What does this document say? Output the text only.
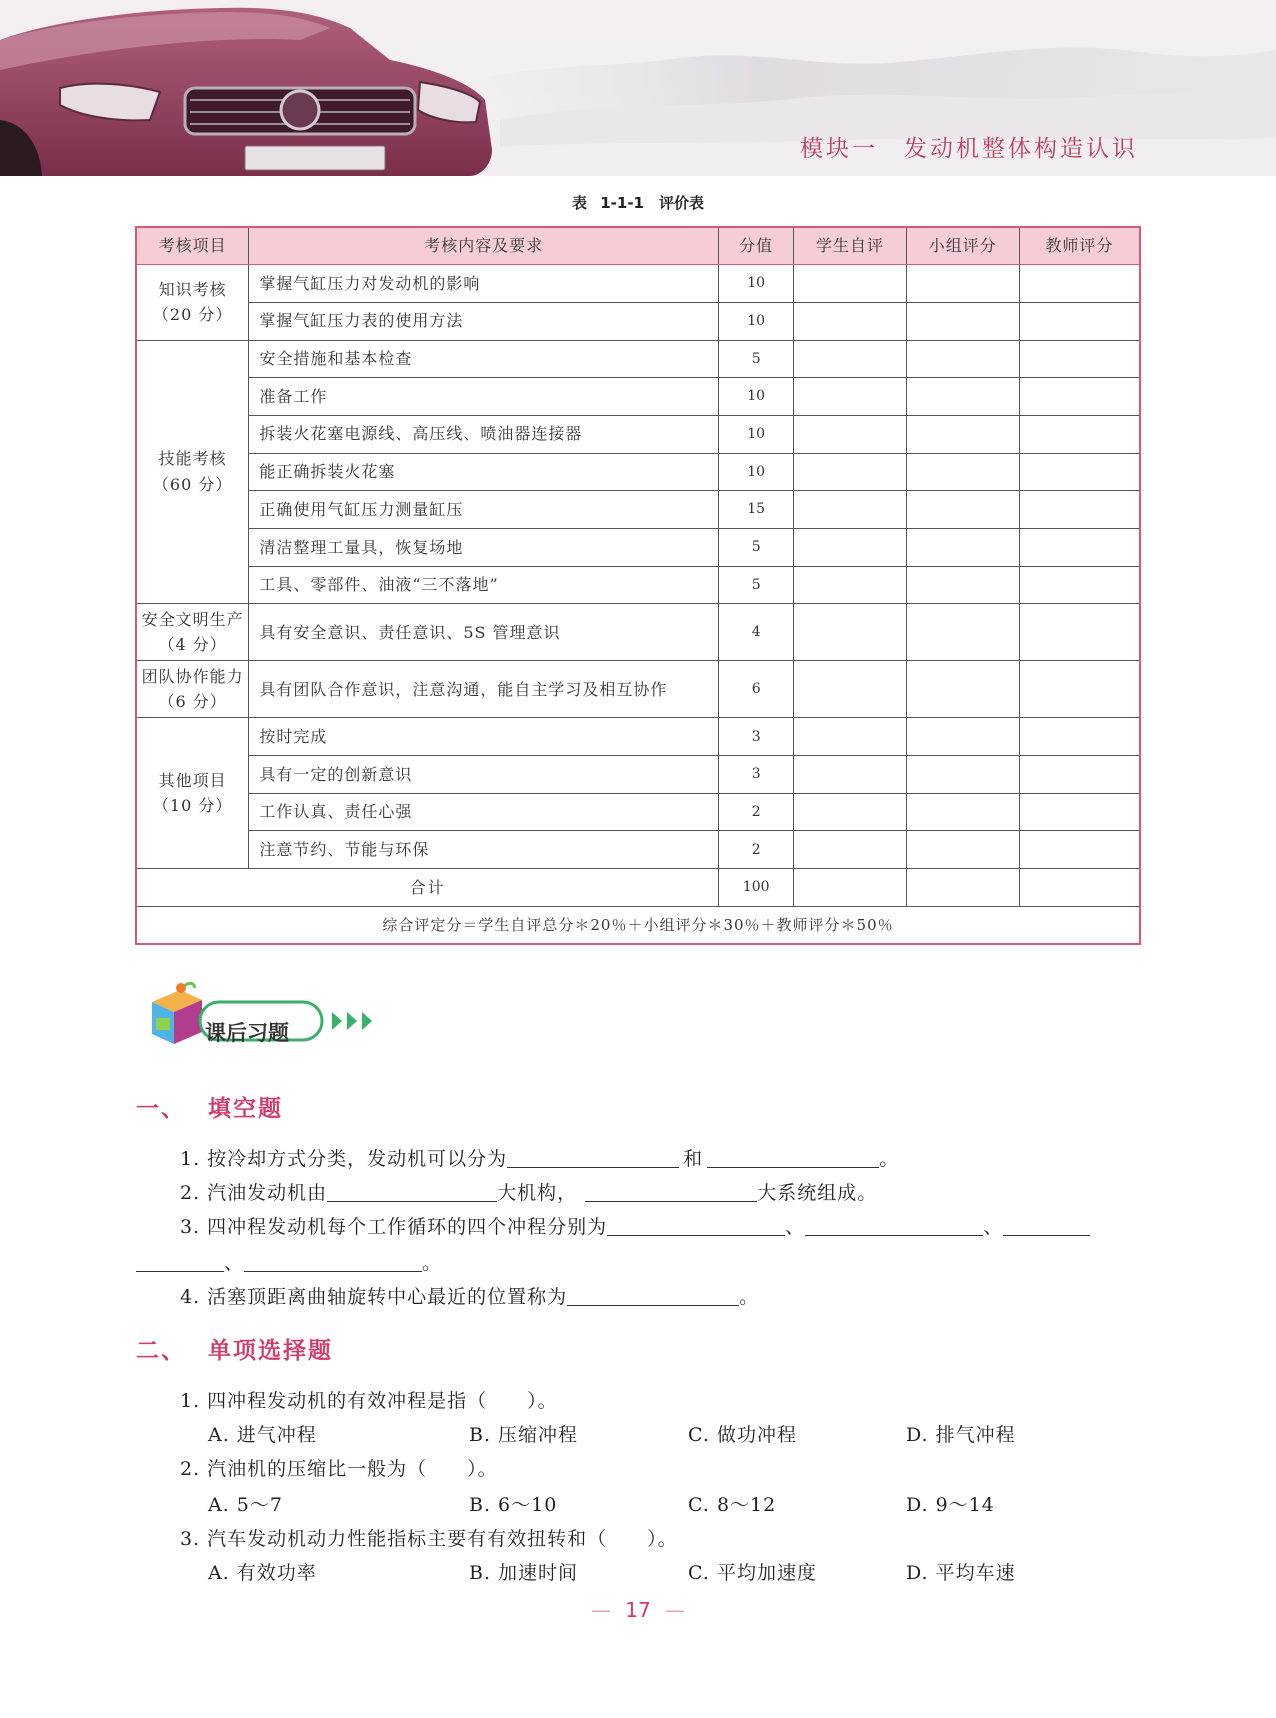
模块一　发动机整体构造认识
表 1-1-1　评价表
考核项目	考核内容及要求	分值	学生自评	小组评分	教师评分
知识考核（20 分）	掌握气缸压力对发动机的影响	10			
	掌握气缸压力表的使用方法	10			
技能考核（60 分）	安全措施和基本检查	5			
	准备工作	10			
	拆装火花塞电源线、高压线、喷油器连接器	10			
	能正确拆装火花塞	10			
	正确使用气缸压力测量缸压	15			
	清洁整理工量具，恢复场地	5			
	工具、零部件、油液“三不落地”	5			
安全文明生产（4 分）	具有安全意识、责任意识、5S 管理意识	4			
团队协作能力（6 分）	具有团队合作意识，注意沟通，能自主学习及相互协作	6			
其他项目（10 分）	按时完成	3			
	具有一定的创新意识	3			
	工作认真、责任心强	2			
	注意节约、节能与环保	2			
合计		100			
综合评定分＝学生自评总分＊20％＋小组评分＊30％＋教师评分＊50％					
课后习题
一、 填空题
1. 按冷却方式分类，发动机可以分为	和	。
2. 汽油发动机由	大机构，	大系统组成。
3. 四冲程发动机每个工作循环的四个冲程分别为	、	、
、	。
4. 活塞顶距离曲轴旋转中心最近的位置称为	。
二、 单项选择题
1. 四冲程发动机的有效冲程是指（　　）。
A. 进气冲程	B. 压缩冲程	C. 做功冲程	D. 排气冲程
2. 汽油机的压缩比一般为（　　）。
A. 5～7	B. 6～10	C. 8～12	D. 9～14
3. 汽车发动机动力性能指标主要有有效扭转和（　　）。
A. 有效功率	B. 加速时间	C. 平均加速度	D. 平均车速
— 17 —
